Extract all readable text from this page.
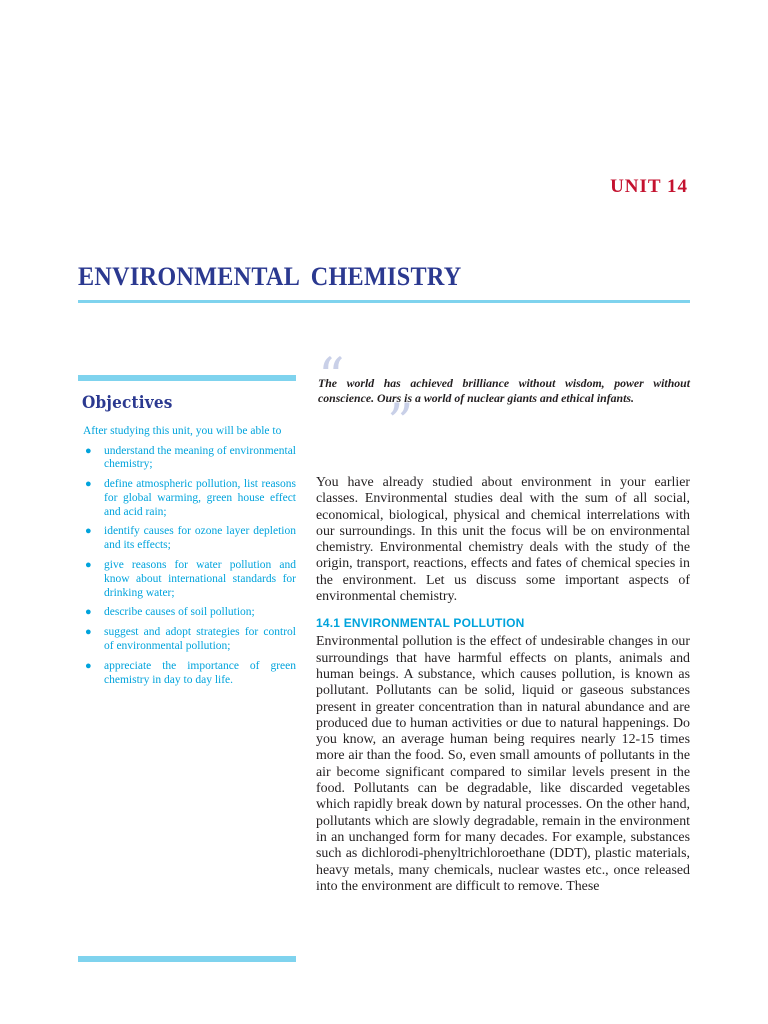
UNIT 14
ENVIRONMENTAL CHEMISTRY
Objectives

After studying this unit, you will be able to

● understand the meaning of environmental chemistry;
● define atmospheric pollution, list reasons for global warming, green house effect and acid rain;
● identify causes for ozone layer depletion and its effects;
● give reasons for water pollution and know about international standards for drinking water;
● describe causes of soil pollution;
● suggest and adopt strategies for control of environmental pollution;
● appreciate the importance of green chemistry in day to day life.
“

The world has achieved brilliance without wisdom, power without conscience. Ours is a world of nuclear giants and ethical infants.

”

You have already studied about environment in your earlier classes. Environmental studies deal with the sum of all social, economical, biological, physical and chemical interrelations with our surroundings. In this unit the focus will be on environmental chemistry. Environmental chemistry deals with the study of the origin, transport, reactions, effects and fates of chemical species in the environment. Let us discuss some important aspects of environmental chemistry.

14.1 ENVIRONMENTAL POLLUTION

Environmental pollution is the effect of undesirable changes in our surroundings that have harmful effects on plants, animals and human beings. A substance, which causes pollution, is known as pollutant. Pollutants can be solid, liquid or gaseous substances present in greater concentration than in natural abundance and are produced due to human activities or due to natural happenings. Do you know, an average human being requires nearly 12-15 times more air than the food. So, even small amounts of pollutants in the air become significant compared to similar levels present in the food. Pollutants can be degradable, like discarded vegetables which rapidly break down by natural processes. On the other hand, pollutants which are slowly degradable, remain in the environment in an unchanged form for many decades. For example, substances such as dichlorodi-phenyltrichloroethane (DDT), plastic materials, heavy metals, many chemicals, nuclear wastes etc., once released into the environment are difficult to remove. These
